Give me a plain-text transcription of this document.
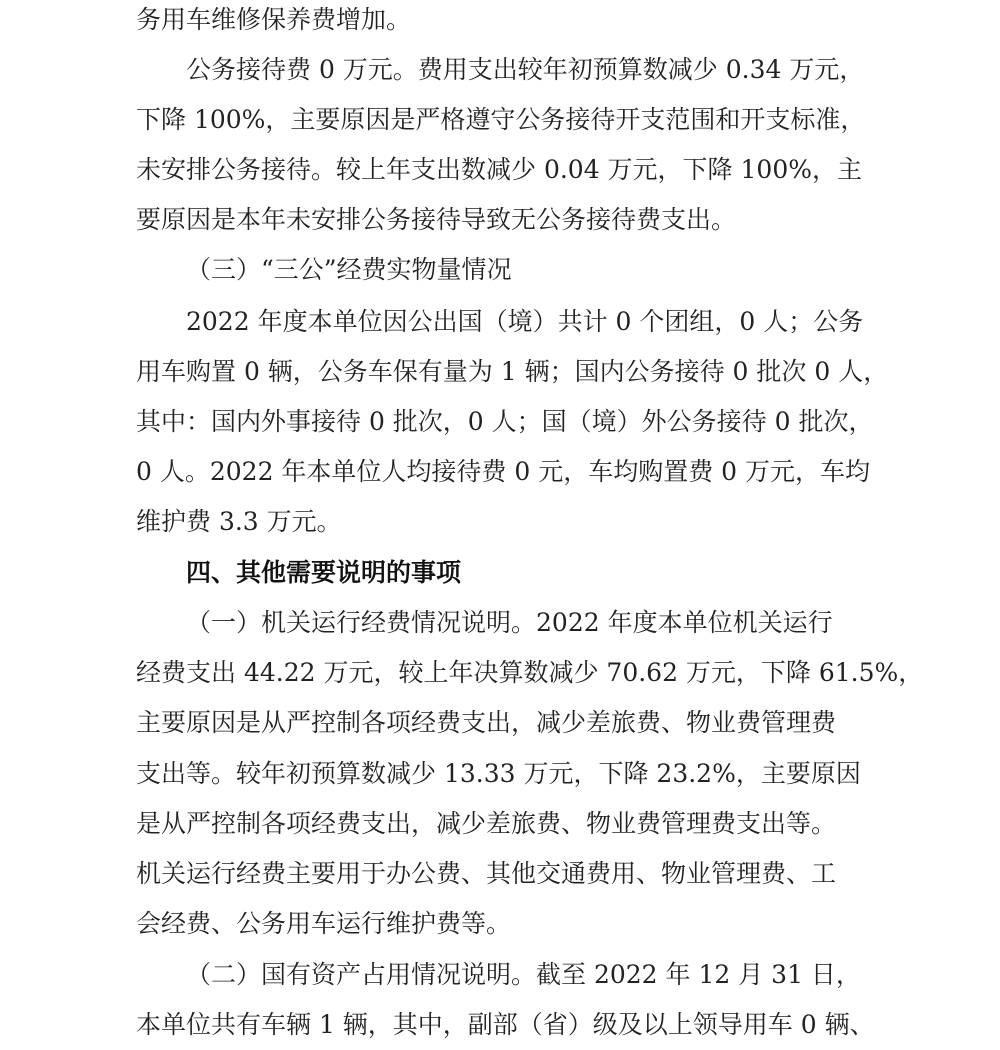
务用车维修保养费增加。
公务接待费 0 万元。费用支出较年初预算数减少 0.34 万元，
下降 100%，主要原因是严格遵守公务接待开支范围和开支标准，
未安排公务接待。较上年支出数减少 0.04 万元，下降 100%，主
要原因是本年未安排公务接待导致无公务接待费支出。
（三）“三公”经费实物量情况
2022 年度本单位因公出国（境）共计 0 个团组，0 人；公务
用车购置 0 辆，公务车保有量为 1 辆；国内公务接待 0 批次 0 人，
其中：国内外事接待 0 批次，0 人；国（境）外公务接待 0 批次，
0 人。2022 年本单位人均接待费 0 元，车均购置费 0 万元，车均
维护费 3.3 万元。
四、其他需要说明的事项
（一）机关运行经费情况说明。2022 年度本单位机关运行
经费支出 44.22 万元，较上年决算数减少 70.62 万元，下降 61.5%，
主要原因是从严控制各项经费支出，减少差旅费、物业费管理费
支出等。较年初预算数减少 13.33 万元，下降 23.2%，主要原因
是从严控制各项经费支出，减少差旅费、物业费管理费支出等。
机关运行经费主要用于办公费、其他交通费用、物业管理费、工
会经费、公务用车运行维护费等。
（二）国有资产占用情况说明。截至 2022 年 12 月 31 日，
本单位共有车辆 1 辆，其中，副部（省）级及以上领导用车 0 辆、
